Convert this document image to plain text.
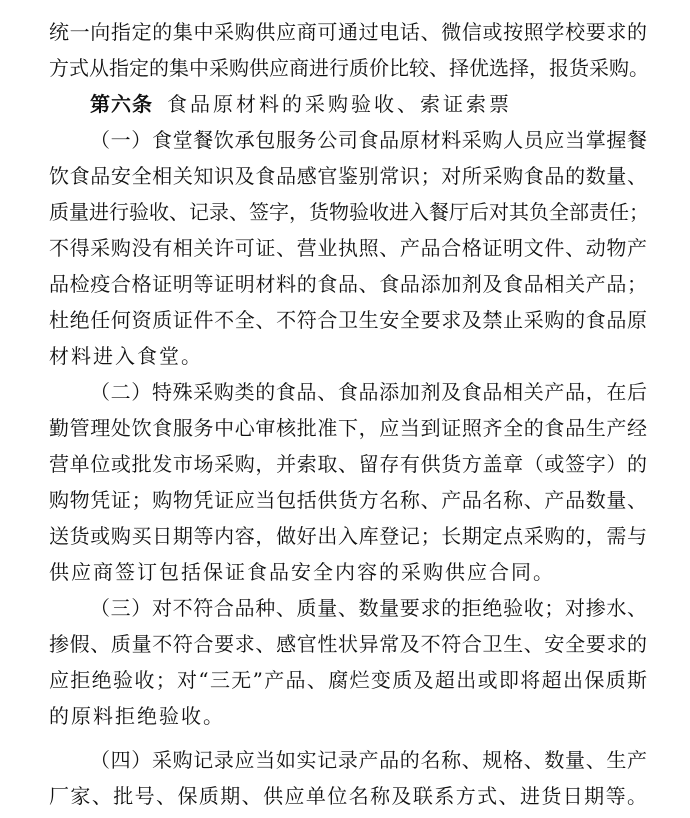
统一向指定的集中采购供应商可通过电话、微信或按照学校要求的
方式从指定的集中采购供应商进行质价比较、择优选择，报货采购。
第六条 食品原材料的采购验收、索证索票
（一）食堂餐饮承包服务公司食品原材料采购人员应当掌握餐
饮食品安全相关知识及食品感官鉴别常识；对所采购食品的数量、
质量进行验收、记录、签字，货物验收进入餐厅后对其负全部责任；
不得采购没有相关许可证、营业执照、产品合格证明文件、动物产
品检疫合格证明等证明材料的食品、食品添加剂及食品相关产品；
杜绝任何资质证件不全、不符合卫生安全要求及禁止采购的食品原
材料进入食堂。
（二）特殊采购类的食品、食品添加剂及食品相关产品，在后
勤管理处饮食服务中心审核批准下，应当到证照齐全的食品生产经
营单位或批发市场采购，并索取、留存有供货方盖章（或签字）的
购物凭证；购物凭证应当包括供货方名称、产品名称、产品数量、
送货或购买日期等内容，做好出入库登记；长期定点采购的，需与
供应商签订包括保证食品安全内容的采购供应合同。
（三）对不符合品种、质量、数量要求的拒绝验收；对掺水、
掺假、质量不符合要求、感官性状异常及不符合卫生、安全要求的
应拒绝验收；对“三无”产品、腐烂变质及超出或即将超出保质斯
的原料拒绝验收。
（四）采购记录应当如实记录产品的名称、规格、数量、生产
厂家、批号、保质期、供应单位名称及联系方式、进货日期等。
